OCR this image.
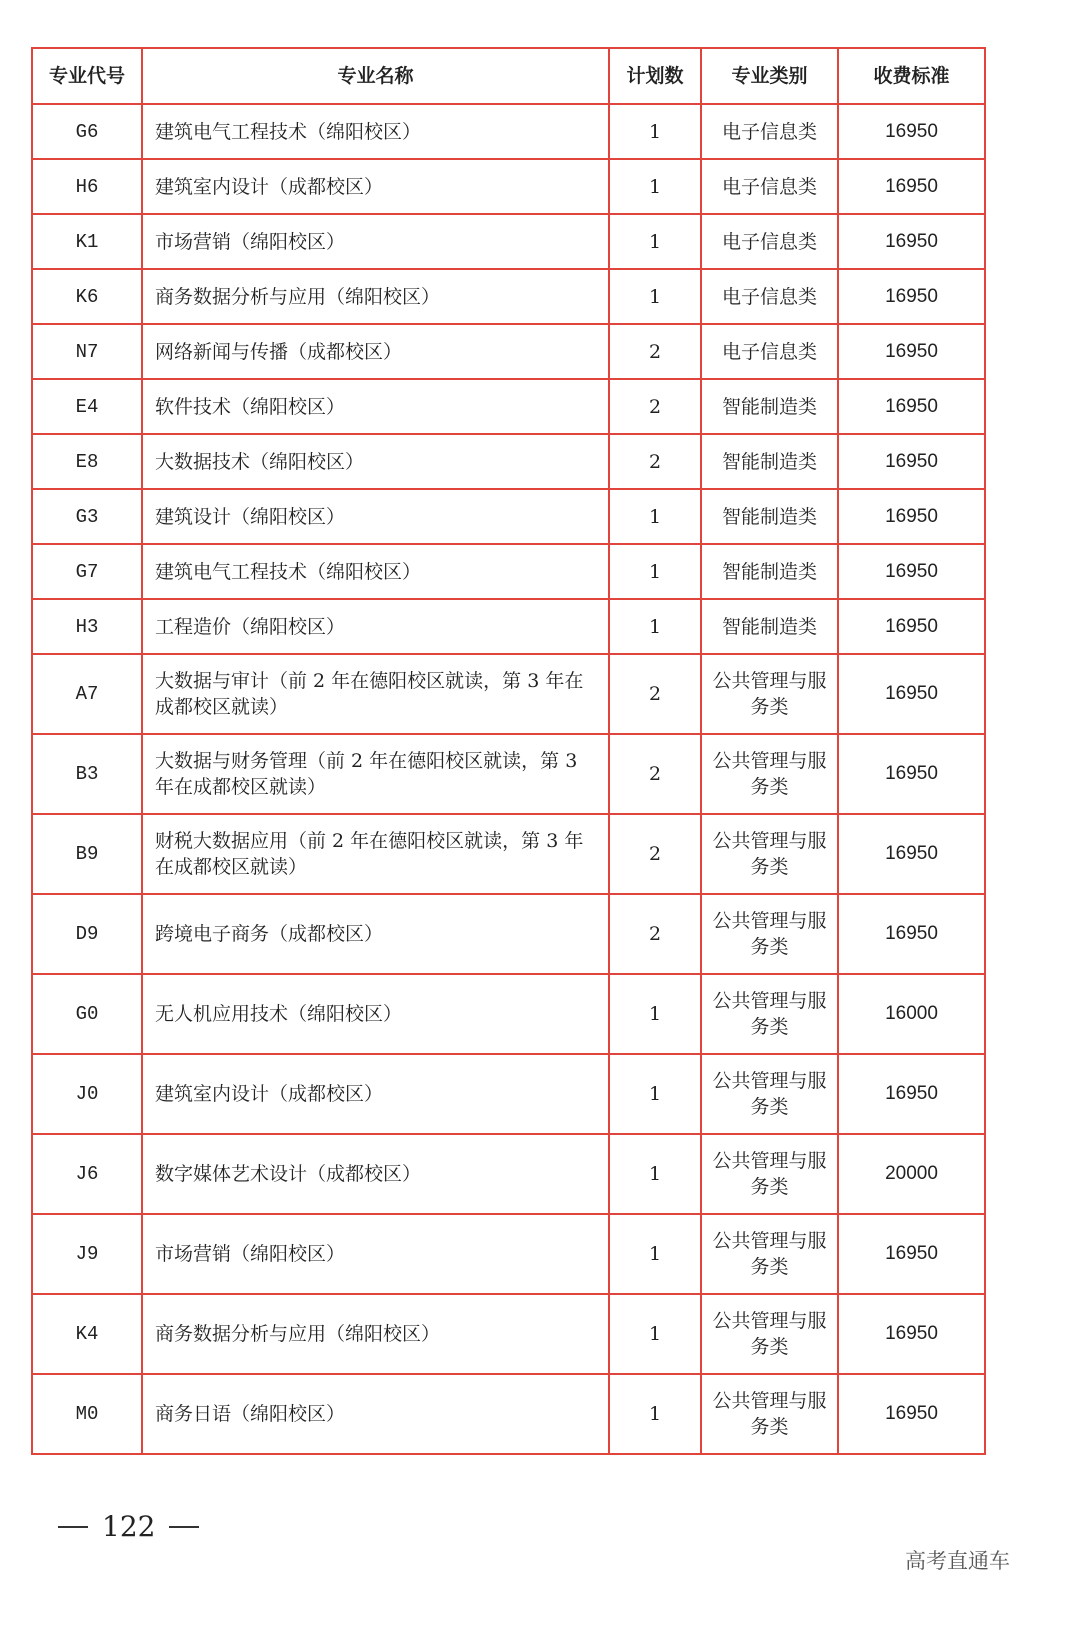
专业代号	专业名称	计划数	专业类别	收费标准
G6	建筑电气工程技术（绵阳校区）	1	电子信息类	16950
H6	建筑室内设计（成都校区）	1	电子信息类	16950
K1	市场营销（绵阳校区）	1	电子信息类	16950
K6	商务数据分析与应用（绵阳校区）	1	电子信息类	16950
N7	网络新闻与传播（成都校区）	2	电子信息类	16950
E4	软件技术（绵阳校区）	2	智能制造类	16950
E8	大数据技术（绵阳校区）	2	智能制造类	16950
G3	建筑设计（绵阳校区）	1	智能制造类	16950
G7	建筑电气工程技术（绵阳校区）	1	智能制造类	16950
H3	工程造价（绵阳校区）	1	智能制造类	16950
A7	大数据与审计（前 2 年在德阳校区就读，第 3 年在成都校区就读）	2	公共管理与服务类	16950
B3	大数据与财务管理（前 2 年在德阳校区就读，第 3 年在成都校区就读）	2	公共管理与服务类	16950
B9	财税大数据应用（前 2 年在德阳校区就读，第 3 年在成都校区就读）	2	公共管理与服务类	16950
D9	跨境电子商务（成都校区）	2	公共管理与服务类	16950
G0	无人机应用技术（绵阳校区）	1	公共管理与服务类	16000
J0	建筑室内设计（成都校区）	1	公共管理与服务类	16950
J6	数字媒体艺术设计（成都校区）	1	公共管理与服务类	20000
J9	市场营销（绵阳校区）	1	公共管理与服务类	16950
K4	商务数据分析与应用（绵阳校区）	1	公共管理与服务类	16950
M0	商务日语（绵阳校区）	1	公共管理与服务类	16950
122
高考直通车
